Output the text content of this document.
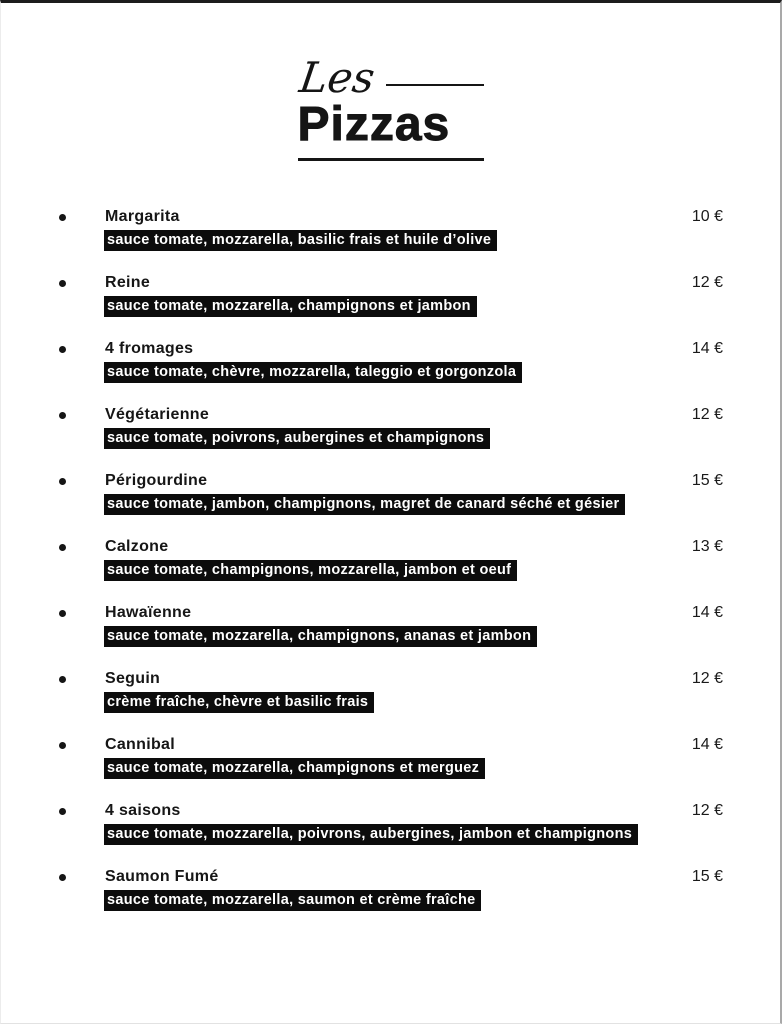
Les
Pizzas
Margarita	10 €
sauce tomate, mozzarella, basilic frais et huile d’olive
Reine	12 €
sauce tomate, mozzarella, champignons et jambon
4 fromages	14 €
sauce tomate, chèvre, mozzarella, taleggio et gorgonzola
Végétarienne	12 €
sauce tomate, poivrons, aubergines et champignons
Périgourdine	15 €
sauce tomate, jambon, champignons, magret de canard séché et gésier
Calzone	13 €
sauce tomate, champignons, mozzarella, jambon et oeuf
Hawaïenne	14 €
sauce tomate, mozzarella, champignons, ananas et jambon
Seguin	12 €
crème fraîche, chèvre et basilic frais
Cannibal	14 €
sauce tomate, mozzarella, champignons et merguez
4 saisons	12 €
sauce tomate, mozzarella, poivrons, aubergines, jambon et champignons
Saumon Fumé	15 €
sauce tomate, mozzarella, saumon et crème fraîche
